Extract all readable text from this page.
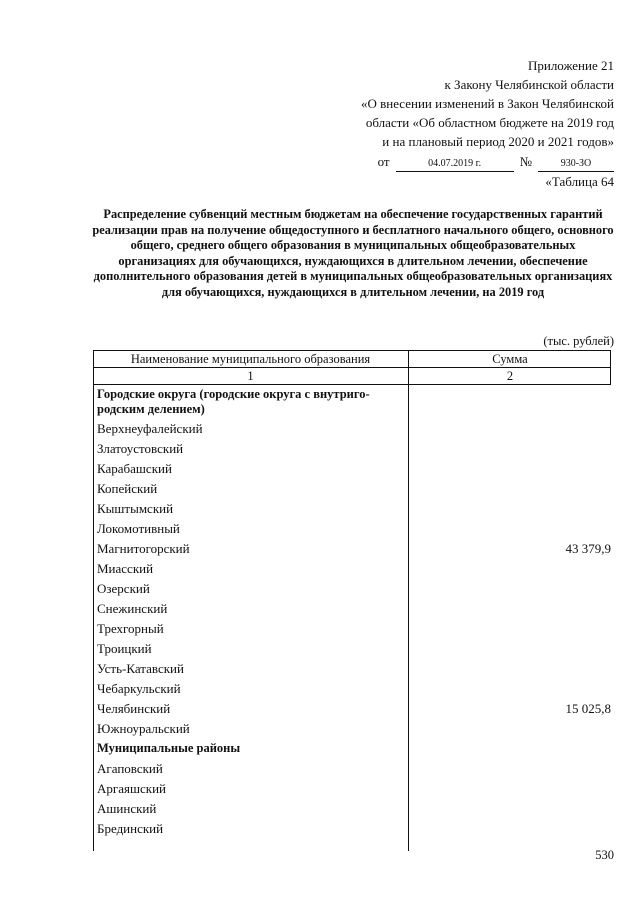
Приложение 21
к Закону Челябинской области
«О внесении изменений в Закон Челябинской
области «Об областном бюджете на 2019 год
и на плановый период 2020 и 2021 годов»
от	04.07.2019 г.	№	930-ЗО
«Таблица 64
Распределение субвенций местным бюджетам на обеспечение государственных гарантий реализации прав на получение общедоступного и бесплатного начального общего, основного общего, среднего общего образования в муниципальных общеобразовательных организациях для обучающихся, нуждающихся в длительном лечении, обеспечение дополнительного образования детей в муниципальных общеобразовательных организациях для обучающихся, нуждающихся в длительном лечении, на 2019 год
(тыс. рублей)
Наименование муниципального образования	Сумма
1	2
Городские округа (городские округа с внутриго-родским делением)
Верхнеуфалейский
Златоустовский
Карабашский
Копейский
Кыштымский
Локомотивный
Магнитогорский	43 379,9
Миасский
Озерский
Снежинский
Трехгорный
Троицкий
Усть-Катавский
Чебаркульский
Челябинский	15 025,8
Южноуральский
Муниципальные районы
Агаповский
Аргаяшский
Ашинский
Брединский
530
